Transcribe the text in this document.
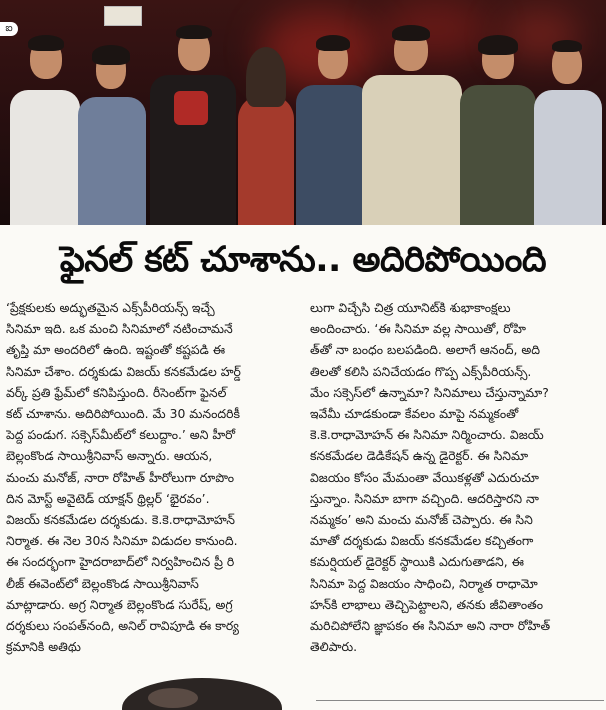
ఐ
ఫైనల్ కట్ చూశాను.. అదిరిపోయింది

‘ప్రేక్షకులకు అద్భుతమైన ఎక్స్‌పీరియన్స్ ఇచ్చే

సినిమా ఇది. ఒక మంచి సినిమాలో నటించామనే

తృప్తి మా అందరిలో ఉంది. ఇష్టంతో కష్టపడి ఈ

సినిమా చేశాం. దర్శకుడు విజయ్ కనకమేడల హర్డ్

వర్క్ ప్రతి ఫ్రేమ్‌లో కనిపిస్తుంది. రీసెంట్‌గా ఫైనల్

కట్ చూశాను. అదిరిపోయింది. మే 30 మనందరికీ

పెద్ద పండుగ. సక్సెస్‌మీట్‌లో కలుద్దాం.’ అని హీరో

బెల్లంకొండ సాయిశ్రీనివాస్ అన్నారు. ఆయన,

మంచు మనోజ్, నారా రోహిత్ హీరోలుగా రూపొం

దిన మోస్ట్ అవైటెడ్ యాక్షన్ థ్రిల్లర్ ‘భైరవం’.

విజయ్ కనకమేడల దర్శకుడు. కె.కె.రాధామోహన్

నిర్మాత. ఈ నెల 30న సినిమా విడుదల కానుంది.

ఈ సందర్భంగా హైదరాబాద్‌లో నిర్వహించిన ప్రీ రి

లీజ్ ఈవెంట్‌లో బెల్లంకొండ సాయిశ్రీనివాస్

మాట్లాడారు. అగ్ర నిర్మాత బెల్లంకొండ సురేష్, అగ్ర

దర్శకులు సంపత్‌నంది, అనిల్ రావిపూడి ఈ కార్య

క్రమానికి అతిథు

లుగా విచ్చేసి చిత్ర యూనిట్‌కి శుభాకాంక్షలు

అందించారు. ‘ఈ సినిమా వల్ల సాయితో, రోహి

త్‌తో నా బంధం బలపడింది. అలాగే ఆనంద్, అది

తిలతో కలిసి పనిచేయడం గొప్ప ఎక్స్‌పీరియన్స్.

మేం సక్సెస్‌లో ఉన్నామా? సినిమాలు చేస్తున్నామా?

ఇవేమీ చూడకుండా కేవలం మాపై నమ్మకంతో

కె.కె.రాధామోహన్ ఈ సినిమా నిర్మించారు. విజయ్

కనకమేడల డెడికేషన్ ఉన్న డైరెక్టర్. ఈ సినిమా

విజయం కోసం మేమంతా వేయికళ్లతో ఎదురుచూ

స్తున్నాం. సినిమా బాగా వచ్చింది. ఆదరిస్తారని నా

నమ్మకం’ అని మంచు మనోజ్ చెప్పారు. ఈ సిని

మాతో దర్శకుడు విజయ్ కనకమేడల కచ్చితంగా

కమర్షియల్ డైరెక్టర్ స్థాయికి ఎదుగుతాడని, ఈ

సినిమా పెద్ద విజయం సాధించి, నిర్మాత రాధామో

హన్‌కి లాభాలు తెచ్చిపెట్టాలని, తనకు జీవితాంతం

మరిచిపోలేని జ్ఞాపకం ఈ సినిమా అని నారా రోహిత్

తెలిపారు.
